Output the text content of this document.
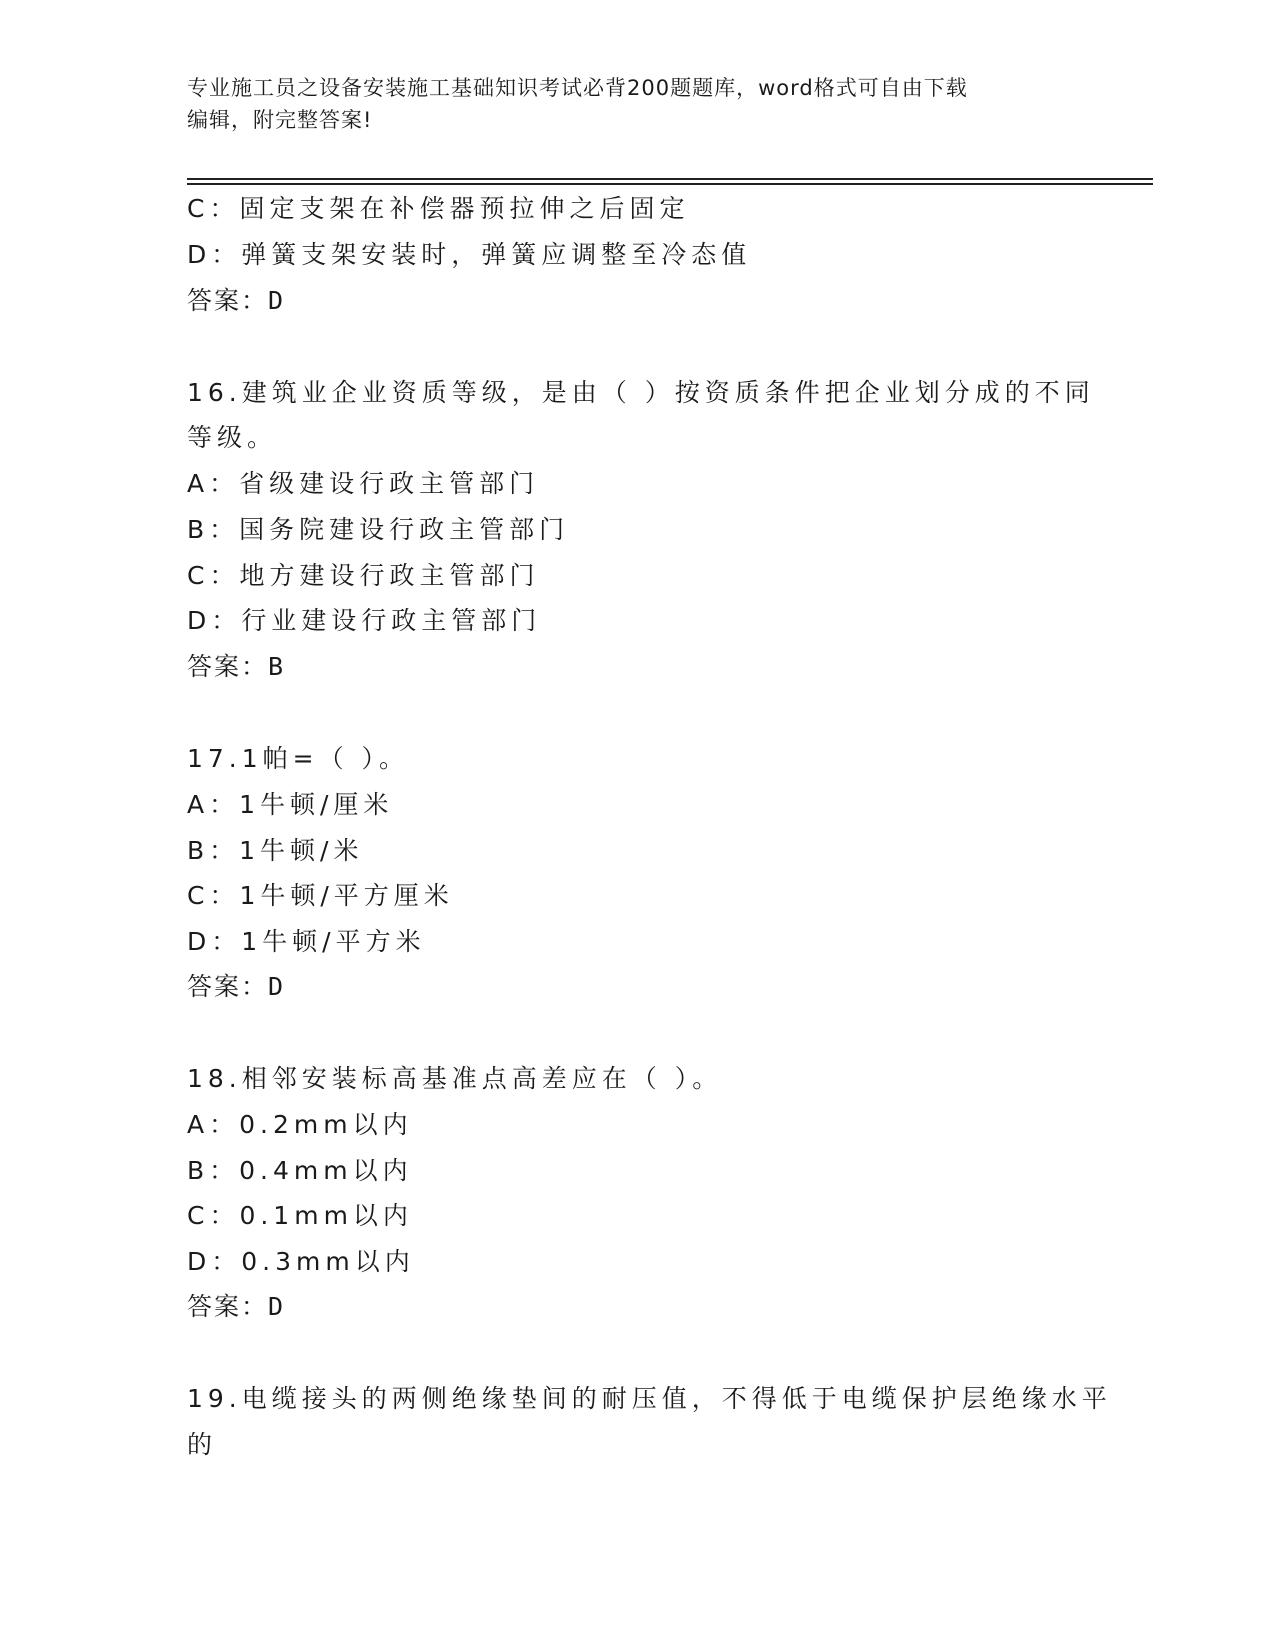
专业施工员之设备安装施工基础知识考试必背200题题库，word格式可自由下载
编辑，附完整答案!
C：固定支架在补偿器预拉伸之后固定
D：弹簧支架安装时，弹簧应调整至冷态值
答案：D
16.建筑业企业资质等级，是由（ ）按资质条件把企业划分成的不同
等级。
A：省级建设行政主管部门
B：国务院建设行政主管部门
C：地方建设行政主管部门
D：行业建设行政主管部门
答案：B
17.1帕=（ ）。
A：1牛顿/厘米
B：1牛顿/米
C：1牛顿/平方厘米
D：1牛顿/平方米
答案：D
18.相邻安装标高基准点高差应在（ ）。
A：0.2mm以内
B：0.4mm以内
C：0.1mm以内
D：0.3mm以内
答案：D
19.电缆接头的两侧绝缘垫间的耐压值，不得低于电缆保护层绝缘水平
的
